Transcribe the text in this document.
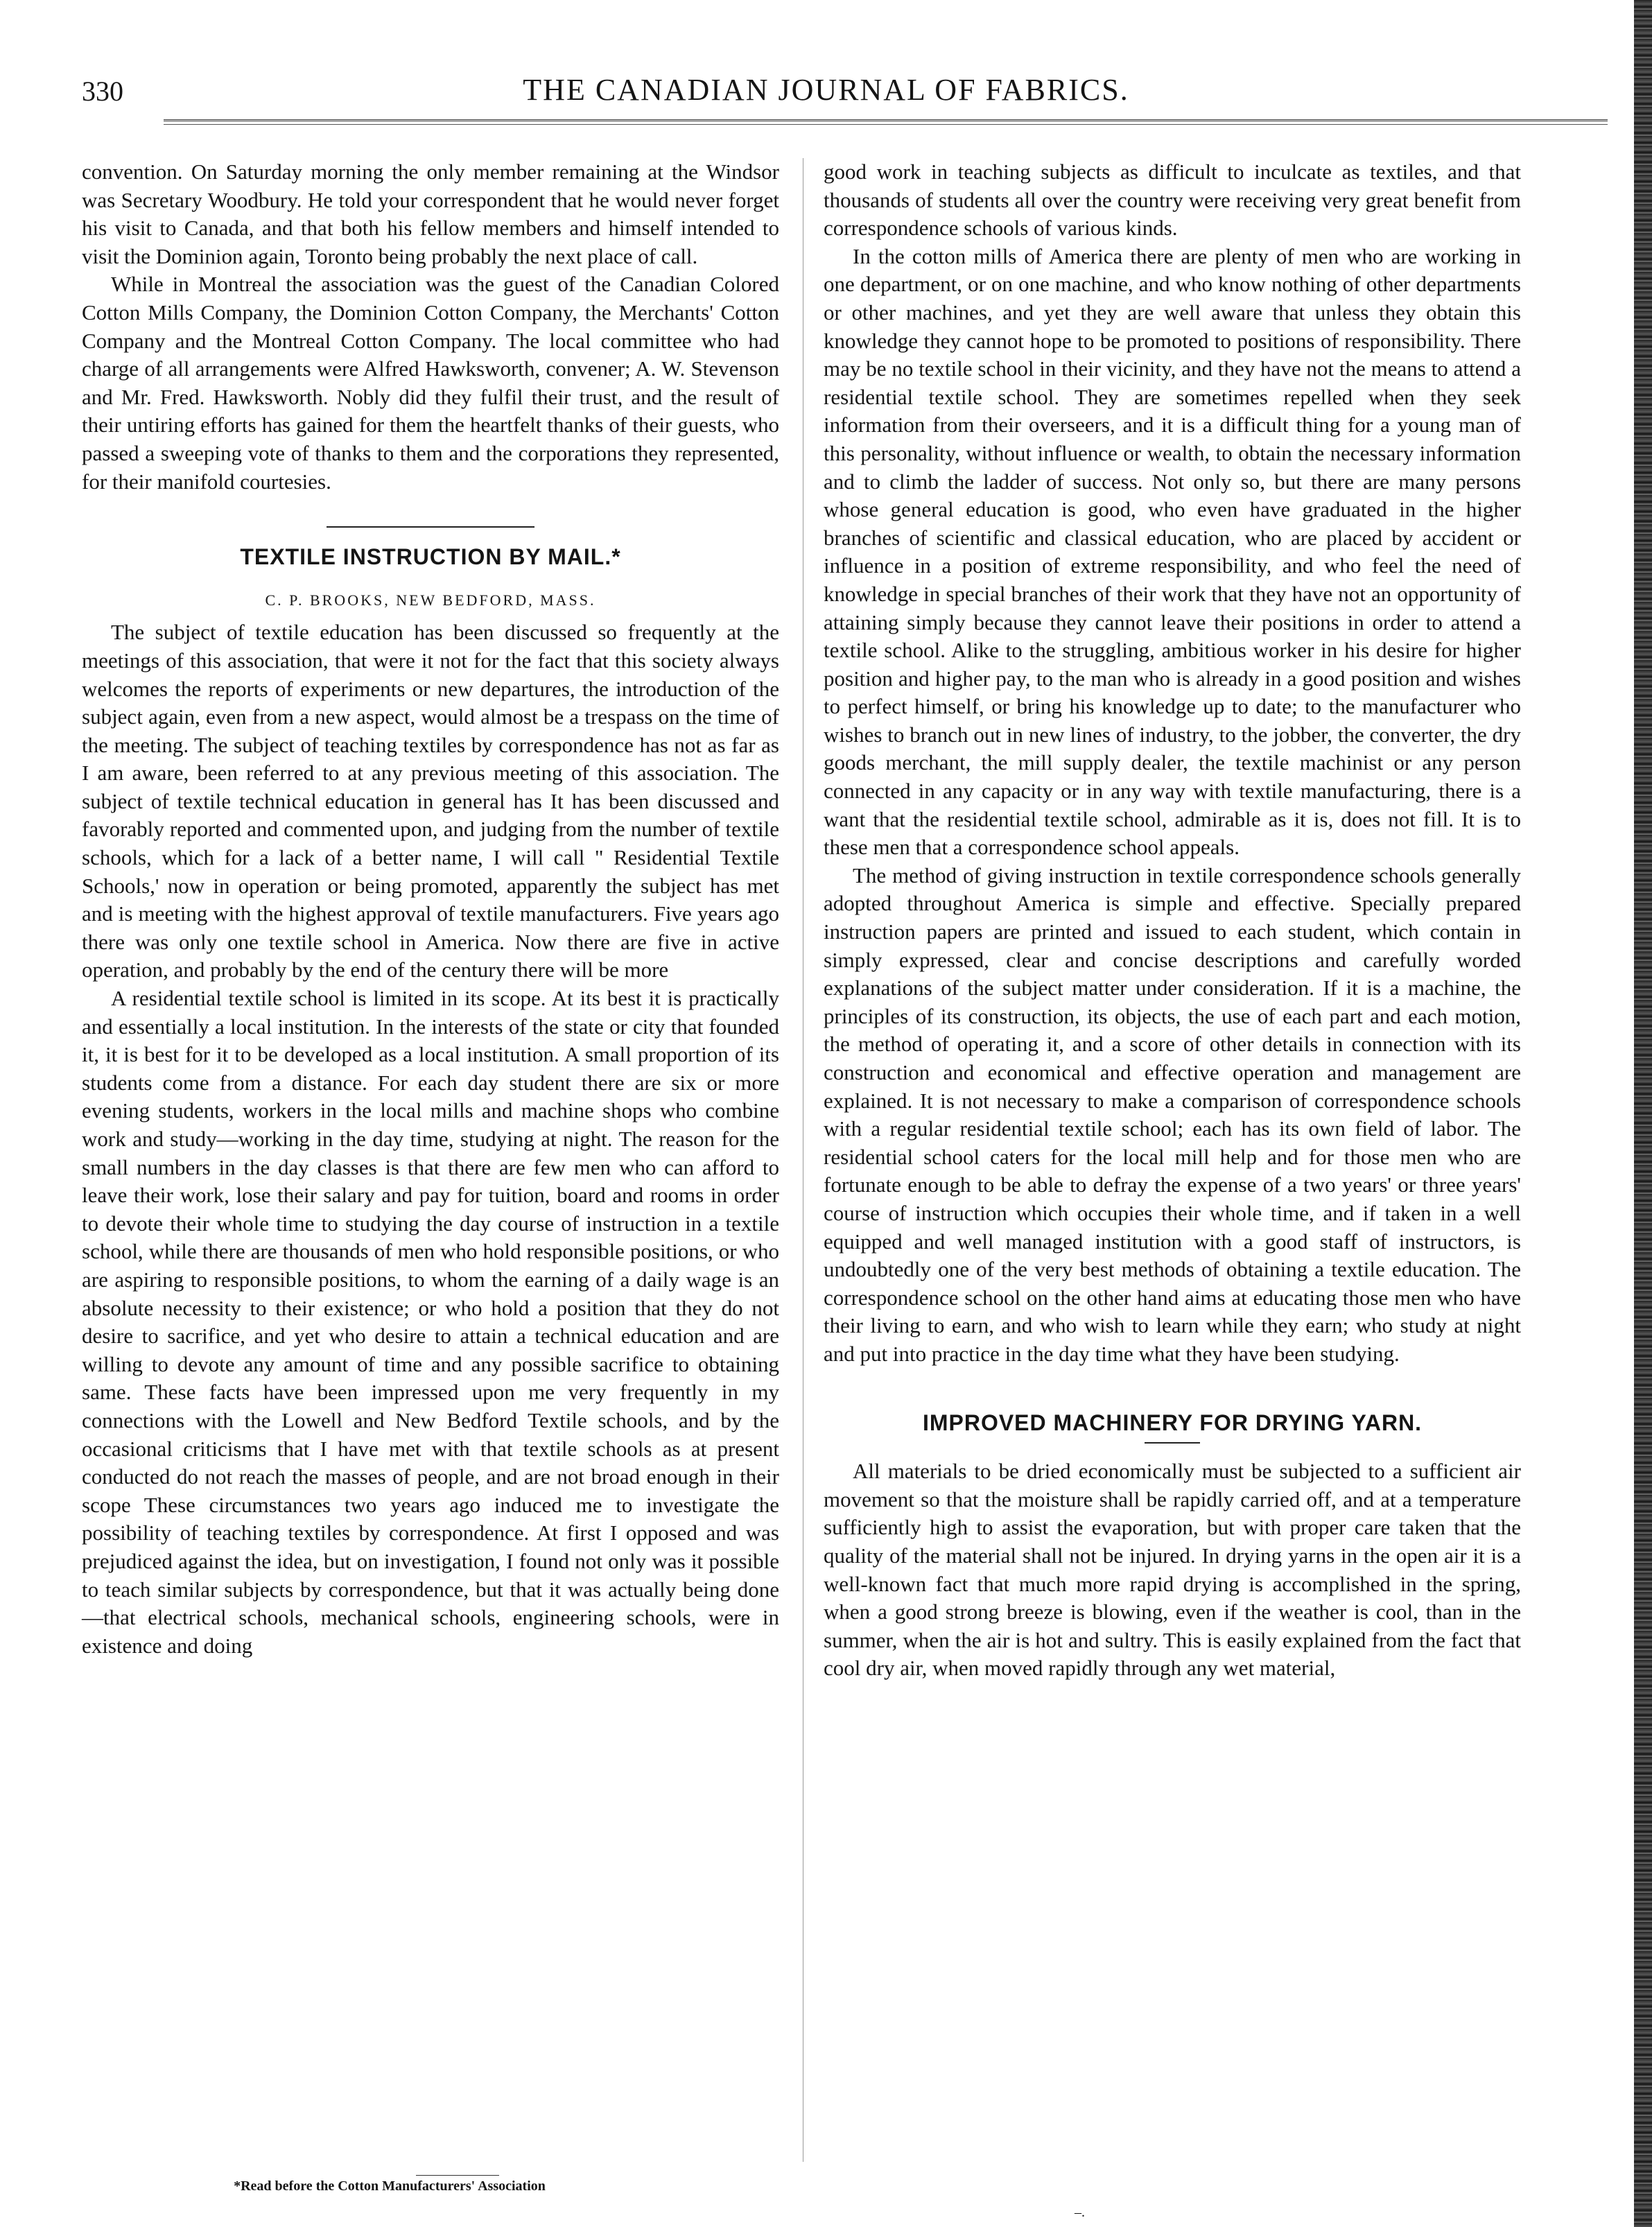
330	THE CANADIAN JOURNAL OF FABRICS.

convention. On Saturday morning the only member remaining at the Windsor was Secretary Woodbury. He told your correspondent that he would never forget his visit to Canada, and that both his fellow members and himself intended to visit the Dominion again, Toronto being probably the next place of call.

While in Montreal the association was the guest of the Canadian Colored Cotton Mills Company, the Dominion Cotton Company, the Merchants' Cotton Company and the Montreal Cotton Company. The local committee who had charge of all arrangements were Alfred Hawksworth, convener; A. W. Stevenson and Mr. Fred. Hawksworth. Nobly did they fulfil their trust, and the result of their untiring efforts has gained for them the heartfelt thanks of their guests, who passed a sweeping vote of thanks to them and the corporations they represented, for their manifold courtesies.

TEXTILE INSTRUCTION BY MAIL.*

C. P. BROOKS, NEW BEDFORD, MASS.

The subject of textile education has been discussed so frequently at the meetings of this association, that were it not for the fact that this society always welcomes the reports of experiments or new departures, the introduction of the subject again, even from a new aspect, would almost be a trespass on the time of the meeting. The subject of teaching textiles by correspondence has not as far as I am aware, been referred to at any previous meeting of this association. The subject of textile technical education in general has It has been discussed and favorably reported and commented upon, and judging from the number of textile schools, which for a lack of a better name, I will call " Residential Textile Schools,' now in operation or being promoted, apparently the subject has met and is meeting with the highest approval of textile manufacturers. Five years ago there was only one textile school in America. Now there are five in active operation, and probably by the end of the century there will be more

A residential textile school is limited in its scope. At its best it is practically and essentially a local institution. In the interests of the state or city that founded it, it is best for it to be developed as a local institution. A small proportion of its students come from a distance. For each day student there are six or more evening students, workers in the local mills and machine shops who combine work and study—working in the day time, studying at night. The reason for the small numbers in the day classes is that there are few men who can afford to leave their work, lose their salary and pay for tuition, board and rooms in order to devote their whole time to studying the day course of instruction in a textile school, while there are thousands of men who hold responsible positions, or who are aspiring to responsible positions, to whom the earning of a daily wage is an absolute necessity to their existence; or who hold a position that they do not desire to sacrifice, and yet who desire to attain a technical education and are willing to devote any amount of time and any possible sacrifice to obtaining same. These facts have been impressed upon me very frequently in my connections with the Lowell and New Bedford Textile schools, and by the occasional criticisms that I have met with that textile schools as at present conducted do not reach the masses of people, and are not broad enough in their scope These circumstances two years ago induced me to investigate the possibility of teaching textiles by correspondence. At first I opposed and was prejudiced against the idea, but on investigation, I found not only was it possible to teach similar subjects by correspondence, but that it was actually being done—that electrical schools, mechanical schools, engineering schools, were in existence and doing

*Read before the Cotton Manufacturers' Association

good work in teaching subjects as difficult to inculcate as textiles, and that thousands of students all over the country were receiving very great benefit from correspondence schools of various kinds.

In the cotton mills of America there are plenty of men who are working in one department, or on one machine, and who know nothing of other departments or other machines, and yet they are well aware that unless they obtain this knowledge they cannot hope to be promoted to positions of responsibility. There may be no textile school in their vicinity, and they have not the means to attend a residential textile school. They are sometimes repelled when they seek information from their overseers, and it is a difficult thing for a young man of this personality, without influence or wealth, to obtain the necessary information and to climb the ladder of success. Not only so, but there are many persons whose general education is good, who even have graduated in the higher branches of scientific and classical education, who are placed by accident or influence in a position of extreme responsibility, and who feel the need of knowledge in special branches of their work that they have not an opportunity of attaining simply because they cannot leave their positions in order to attend a textile school. Alike to the struggling, ambitious worker in his desire for higher position and higher pay, to the man who is already in a good position and wishes to perfect himself, or bring his knowledge up to date; to the manufacturer who wishes to branch out in new lines of industry, to the jobber, the converter, the dry goods merchant, the mill supply dealer, the textile machinist or any person connected in any capacity or in any way with textile manufacturing, there is a want that the residential textile school, admirable as it is, does not fill. It is to these men that a correspondence school appeals.

The method of giving instruction in textile correspondence schools generally adopted throughout America is simple and effective. Specially prepared instruction papers are printed and issued to each student, which contain in simply expressed, clear and concise descriptions and carefully worded explanations of the subject matter under consideration. If it is a machine, the principles of its construction, its objects, the use of each part and each motion, the method of operating it, and a score of other details in connection with its construction and economical and effective operation and management are explained. It is not necessary to make a comparison of correspondence schools with a regular residential textile school; each has its own field of labor. The residential school caters for the local mill help and for those men who are fortunate enough to be able to defray the expense of a two years' or three years' course of instruction which occupies their whole time, and if taken in a well equipped and well managed institution with a good staff of instructors, is undoubtedly one of the very best methods of obtaining a textile education. The correspondence school on the other hand aims at educating those men who have their living to earn, and who wish to learn while they earn; who study at night and put into practice in the day time what they have been studying.

IMPROVED MACHINERY FOR DRYING YARN.

All materials to be dried economically must be subjected to a sufficient air movement so that the moisture shall be rapidly carried off, and at a temperature sufficiently high to assist the evaporation, but with proper care taken that the quality of the material shall not be injured. In drying yarns in the open air it is a well-known fact that much more rapid drying is accomplished in the spring, when a good strong breeze is blowing, even if the weather is cool, than in the summer, when the air is hot and sultry. This is easily explained from the fact that cool dry air, when moved rapidly through any wet material,

–.
